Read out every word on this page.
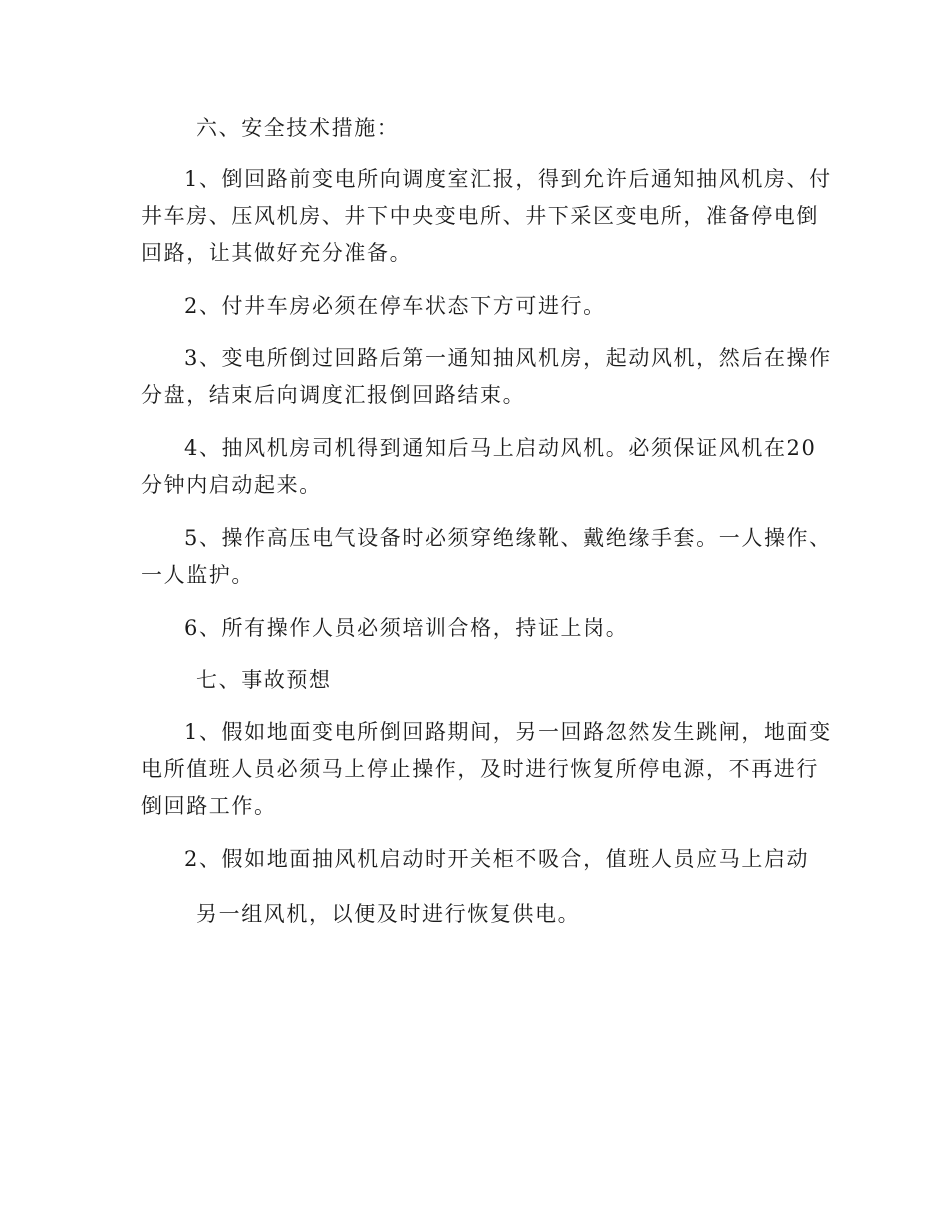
六、安全技术措施：

1、倒回路前变电所向调度室汇报，得到允许后通知抽风机房、付

井车房、压风机房、井下中央变电所、井下采区变电所，准备停电倒

回路，让其做好充分准备。

2、付井车房必须在停车状态下方可进行。

3、变电所倒过回路后第一通知抽风机房，起动风机，然后在操作

分盘，结束后向调度汇报倒回路结束。

4、抽风机房司机得到通知后马上启动风机。必须保证风机在20

分钟内启动起来。

5、操作高压电气设备时必须穿绝缘靴、戴绝缘手套。一人操作、

一人监护。

6、所有操作人员必须培训合格，持证上岗。

七、事故预想

1、假如地面变电所倒回路期间，另一回路忽然发生跳闸，地面变

电所值班人员必须马上停止操作，及时进行恢复所停电源，不再进行

倒回路工作。

2、假如地面抽风机启动时开关柜不吸合，值班人员应马上启动

另一组风机，以便及时进行恢复供电。
